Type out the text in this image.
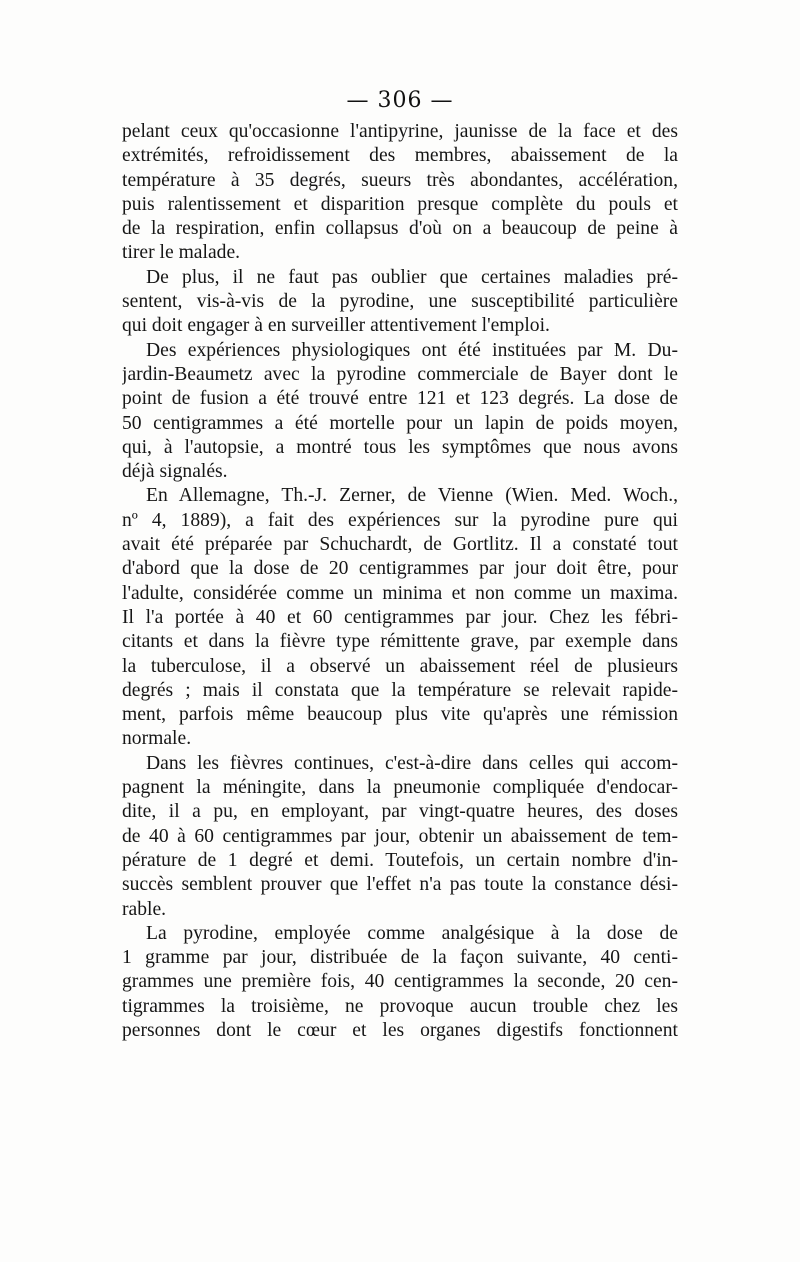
— 306 —
pelant ceux qu'occasionne l'antipyrine, jaunisse de la face et des
extrémités, refroidissement des membres, abaissement de la
température à 35 degrés, sueurs très abondantes, accélération,
puis ralentissement et disparition presque complète du pouls et
de la respiration, enfin collapsus d'où on a beaucoup de peine à
tirer le malade.
De plus, il ne faut pas oublier que certaines maladies pré-
sentent, vis-à-vis de la pyrodine, une susceptibilité particulière
qui doit engager à en surveiller attentivement l'emploi.
Des expériences physiologiques ont été instituées par M. Du-
jardin-Beaumetz avec la pyrodine commerciale de Bayer dont le
point de fusion a été trouvé entre 121 et 123 degrés. La dose de
50 centigrammes a été mortelle pour un lapin de poids moyen,
qui, à l'autopsie, a montré tous les symptômes que nous avons
déjà signalés.
En Allemagne, Th.-J. Zerner, de Vienne (Wien. Med. Woch.,
nº 4, 1889), a fait des expériences sur la pyrodine pure qui
avait été préparée par Schuchardt, de Gortlitz. Il a constaté tout
d'abord que la dose de 20 centigrammes par jour doit être, pour
l'adulte, considérée comme un minima et non comme un maxima.
Il l'a portée à 40 et 60 centigrammes par jour. Chez les fébri-
citants et dans la fièvre type rémittente grave, par exemple dans
la tuberculose, il a observé un abaissement réel de plusieurs
degrés ; mais il constata que la température se relevait rapide-
ment, parfois même beaucoup plus vite qu'après une rémission
normale.
Dans les fièvres continues, c'est-à-dire dans celles qui accom-
pagnent la méningite, dans la pneumonie compliquée d'endocar-
dite, il a pu, en employant, par vingt-quatre heures, des doses
de 40 à 60 centigrammes par jour, obtenir un abaissement de tem-
pérature de 1 degré et demi. Toutefois, un certain nombre d'in-
succès semblent prouver que l'effet n'a pas toute la constance dési-
rable.
La pyrodine, employée comme analgésique à la dose de
1 gramme par jour, distribuée de la façon suivante, 40 centi-
grammes une première fois, 40 centigrammes la seconde, 20 cen-
tigrammes la troisième, ne provoque aucun trouble chez les
personnes dont le cœur et les organes digestifs fonctionnent
